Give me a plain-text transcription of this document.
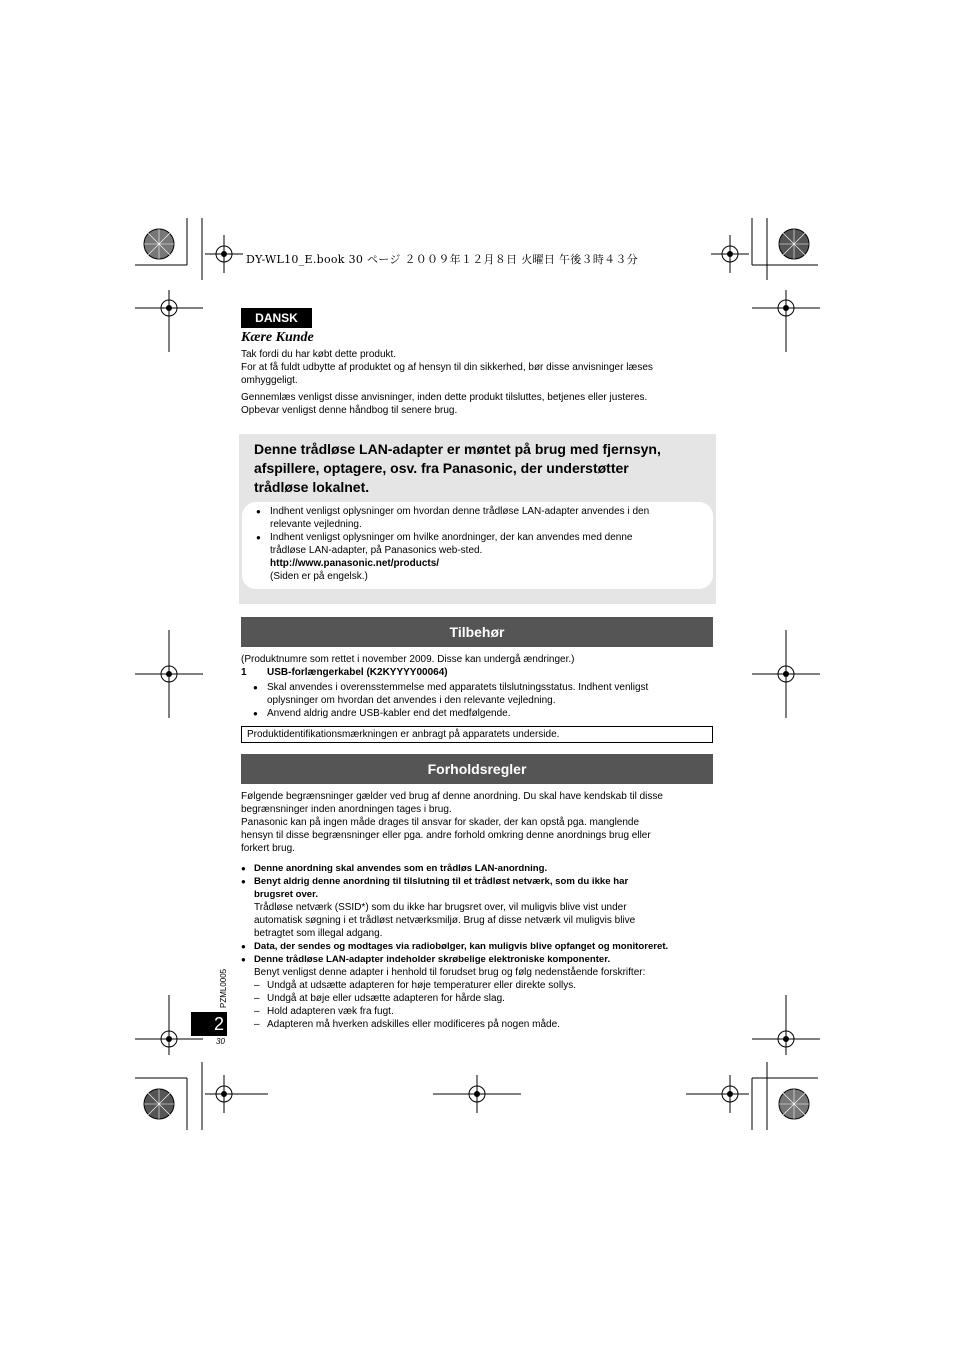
DY-WL10_E.book 30 ページ ２００９年１２月８日 火曜日 午後３時４３分
DANSK
Kære Kunde
Tak fordi du har købt dette produkt.
For at få fuldt udbytte af produktet og af hensyn til din sikkerhed, bør disse anvisninger læses
omhyggeligt.
Gennemlæs venligst disse anvisninger, inden dette produkt tilsluttes, betjenes eller justeres.
Opbevar venligst denne håndbog til senere brug.
Denne trådløse LAN-adapter er møntet på brug med fjernsyn,
afspillere, optagere, osv. fra Panasonic, der understøtter
trådløse lokalnet.
● Indhent venligst oplysninger om hvordan denne trådløse LAN-adapter anvendes i den
relevante vejledning.
● Indhent venligst oplysninger om hvilke anordninger, der kan anvendes med denne
trådløse LAN-adapter, på Panasonics web-sted.
http://www.panasonic.net/products/
(Siden er på engelsk.)
Tilbehør
(Produktnumre som rettet i november 2009. Disse kan undergå ændringer.)
1 USB-forlængerkabel (K2KYYYY00064)
● Skal anvendes i overensstemmelse med apparatets tilslutningsstatus. Indhent venligst
oplysninger om hvordan det anvendes i den relevante vejledning.
● Anvend aldrig andre USB-kabler end det medfølgende.
Produktidentifikationsmærkningen er anbragt på apparatets underside.
Forholdsregler
Følgende begrænsninger gælder ved brug af denne anordning. Du skal have kendskab til disse
begrænsninger inden anordningen tages i brug.
Panasonic kan på ingen måde drages til ansvar for skader, der kan opstå pga. manglende
hensyn til disse begrænsninger eller pga. andre forhold omkring denne anordnings brug eller
forkert brug.
● Denne anordning skal anvendes som en trådløs LAN-anordning.
● Benyt aldrig denne anordning til tilslutning til et trådløst netværk, som du ikke har
brugsret over.
Trådløse netværk (SSID*) som du ikke har brugsret over, vil muligvis blive vist under
automatisk søgning i et trådløst netværksmiljø. Brug af disse netværk vil muligvis blive
betragtet som illegal adgang.
● Data, der sendes og modtages via radiobølger, kan muligvis blive opfanget og monitoreret.
● Denne trådløse LAN-adapter indeholder skrøbelige elektroniske komponenter.
Benyt venligst denne adapter i henhold til forudset brug og følg nedenstående forskrifter:
– Undgå at udsætte adapteren for høje temperaturer eller direkte sollys.
– Undgå at bøje eller udsætte adapteren for hårde slag.
– Hold adapteren væk fra fugt.
– Adapteren må hverken adskilles eller modificeres på nogen måde.
PZML0005
2
30
